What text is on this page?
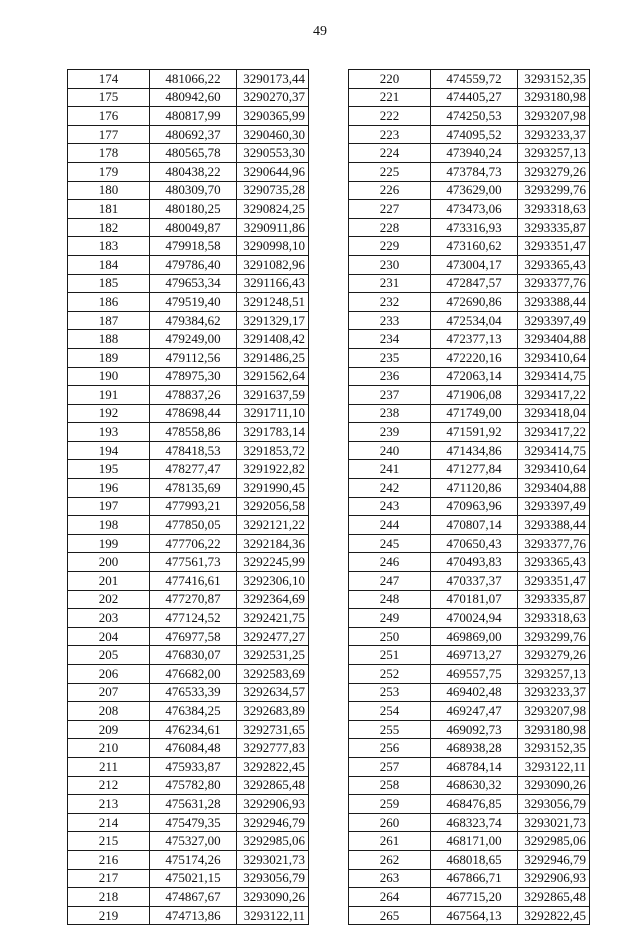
49
174	481066,22	3290173,44
175	480942,60	3290270,37
176	480817,99	3290365,99
177	480692,37	3290460,30
178	480565,78	3290553,30
179	480438,22	3290644,96
180	480309,70	3290735,28
181	480180,25	3290824,25
182	480049,87	3290911,86
183	479918,58	3290998,10
184	479786,40	3291082,96
185	479653,34	3291166,43
186	479519,40	3291248,51
187	479384,62	3291329,17
188	479249,00	3291408,42
189	479112,56	3291486,25
190	478975,30	3291562,64
191	478837,26	3291637,59
192	478698,44	3291711,10
193	478558,86	3291783,14
194	478418,53	3291853,72
195	478277,47	3291922,82
196	478135,69	3291990,45
197	477993,21	3292056,58
198	477850,05	3292121,22
199	477706,22	3292184,36
200	477561,73	3292245,99
201	477416,61	3292306,10
202	477270,87	3292364,69
203	477124,52	3292421,75
204	476977,58	3292477,27
205	476830,07	3292531,25
206	476682,00	3292583,69
207	476533,39	3292634,57
208	476384,25	3292683,89
209	476234,61	3292731,65
210	476084,48	3292777,83
211	475933,87	3292822,45
212	475782,80	3292865,48
213	475631,28	3292906,93
214	475479,35	3292946,79
215	475327,00	3292985,06
216	475174,26	3293021,73
217	475021,15	3293056,79
218	474867,67	3293090,26
219	474713,86	3293122,11
220	474559,72	3293152,35
221	474405,27	3293180,98
222	474250,53	3293207,98
223	474095,52	3293233,37
224	473940,24	3293257,13
225	473784,73	3293279,26
226	473629,00	3293299,76
227	473473,06	3293318,63
228	473316,93	3293335,87
229	473160,62	3293351,47
230	473004,17	3293365,43
231	472847,57	3293377,76
232	472690,86	3293388,44
233	472534,04	3293397,49
234	472377,13	3293404,88
235	472220,16	3293410,64
236	472063,14	3293414,75
237	471906,08	3293417,22
238	471749,00	3293418,04
239	471591,92	3293417,22
240	471434,86	3293414,75
241	471277,84	3293410,64
242	471120,86	3293404,88
243	470963,96	3293397,49
244	470807,14	3293388,44
245	470650,43	3293377,76
246	470493,83	3293365,43
247	470337,37	3293351,47
248	470181,07	3293335,87
249	470024,94	3293318,63
250	469869,00	3293299,76
251	469713,27	3293279,26
252	469557,75	3293257,13
253	469402,48	3293233,37
254	469247,47	3293207,98
255	469092,73	3293180,98
256	468938,28	3293152,35
257	468784,14	3293122,11
258	468630,32	3293090,26
259	468476,85	3293056,79
260	468323,74	3293021,73
261	468171,00	3292985,06
262	468018,65	3292946,79
263	467866,71	3292906,93
264	467715,20	3292865,48
265	467564,13	3292822,45
